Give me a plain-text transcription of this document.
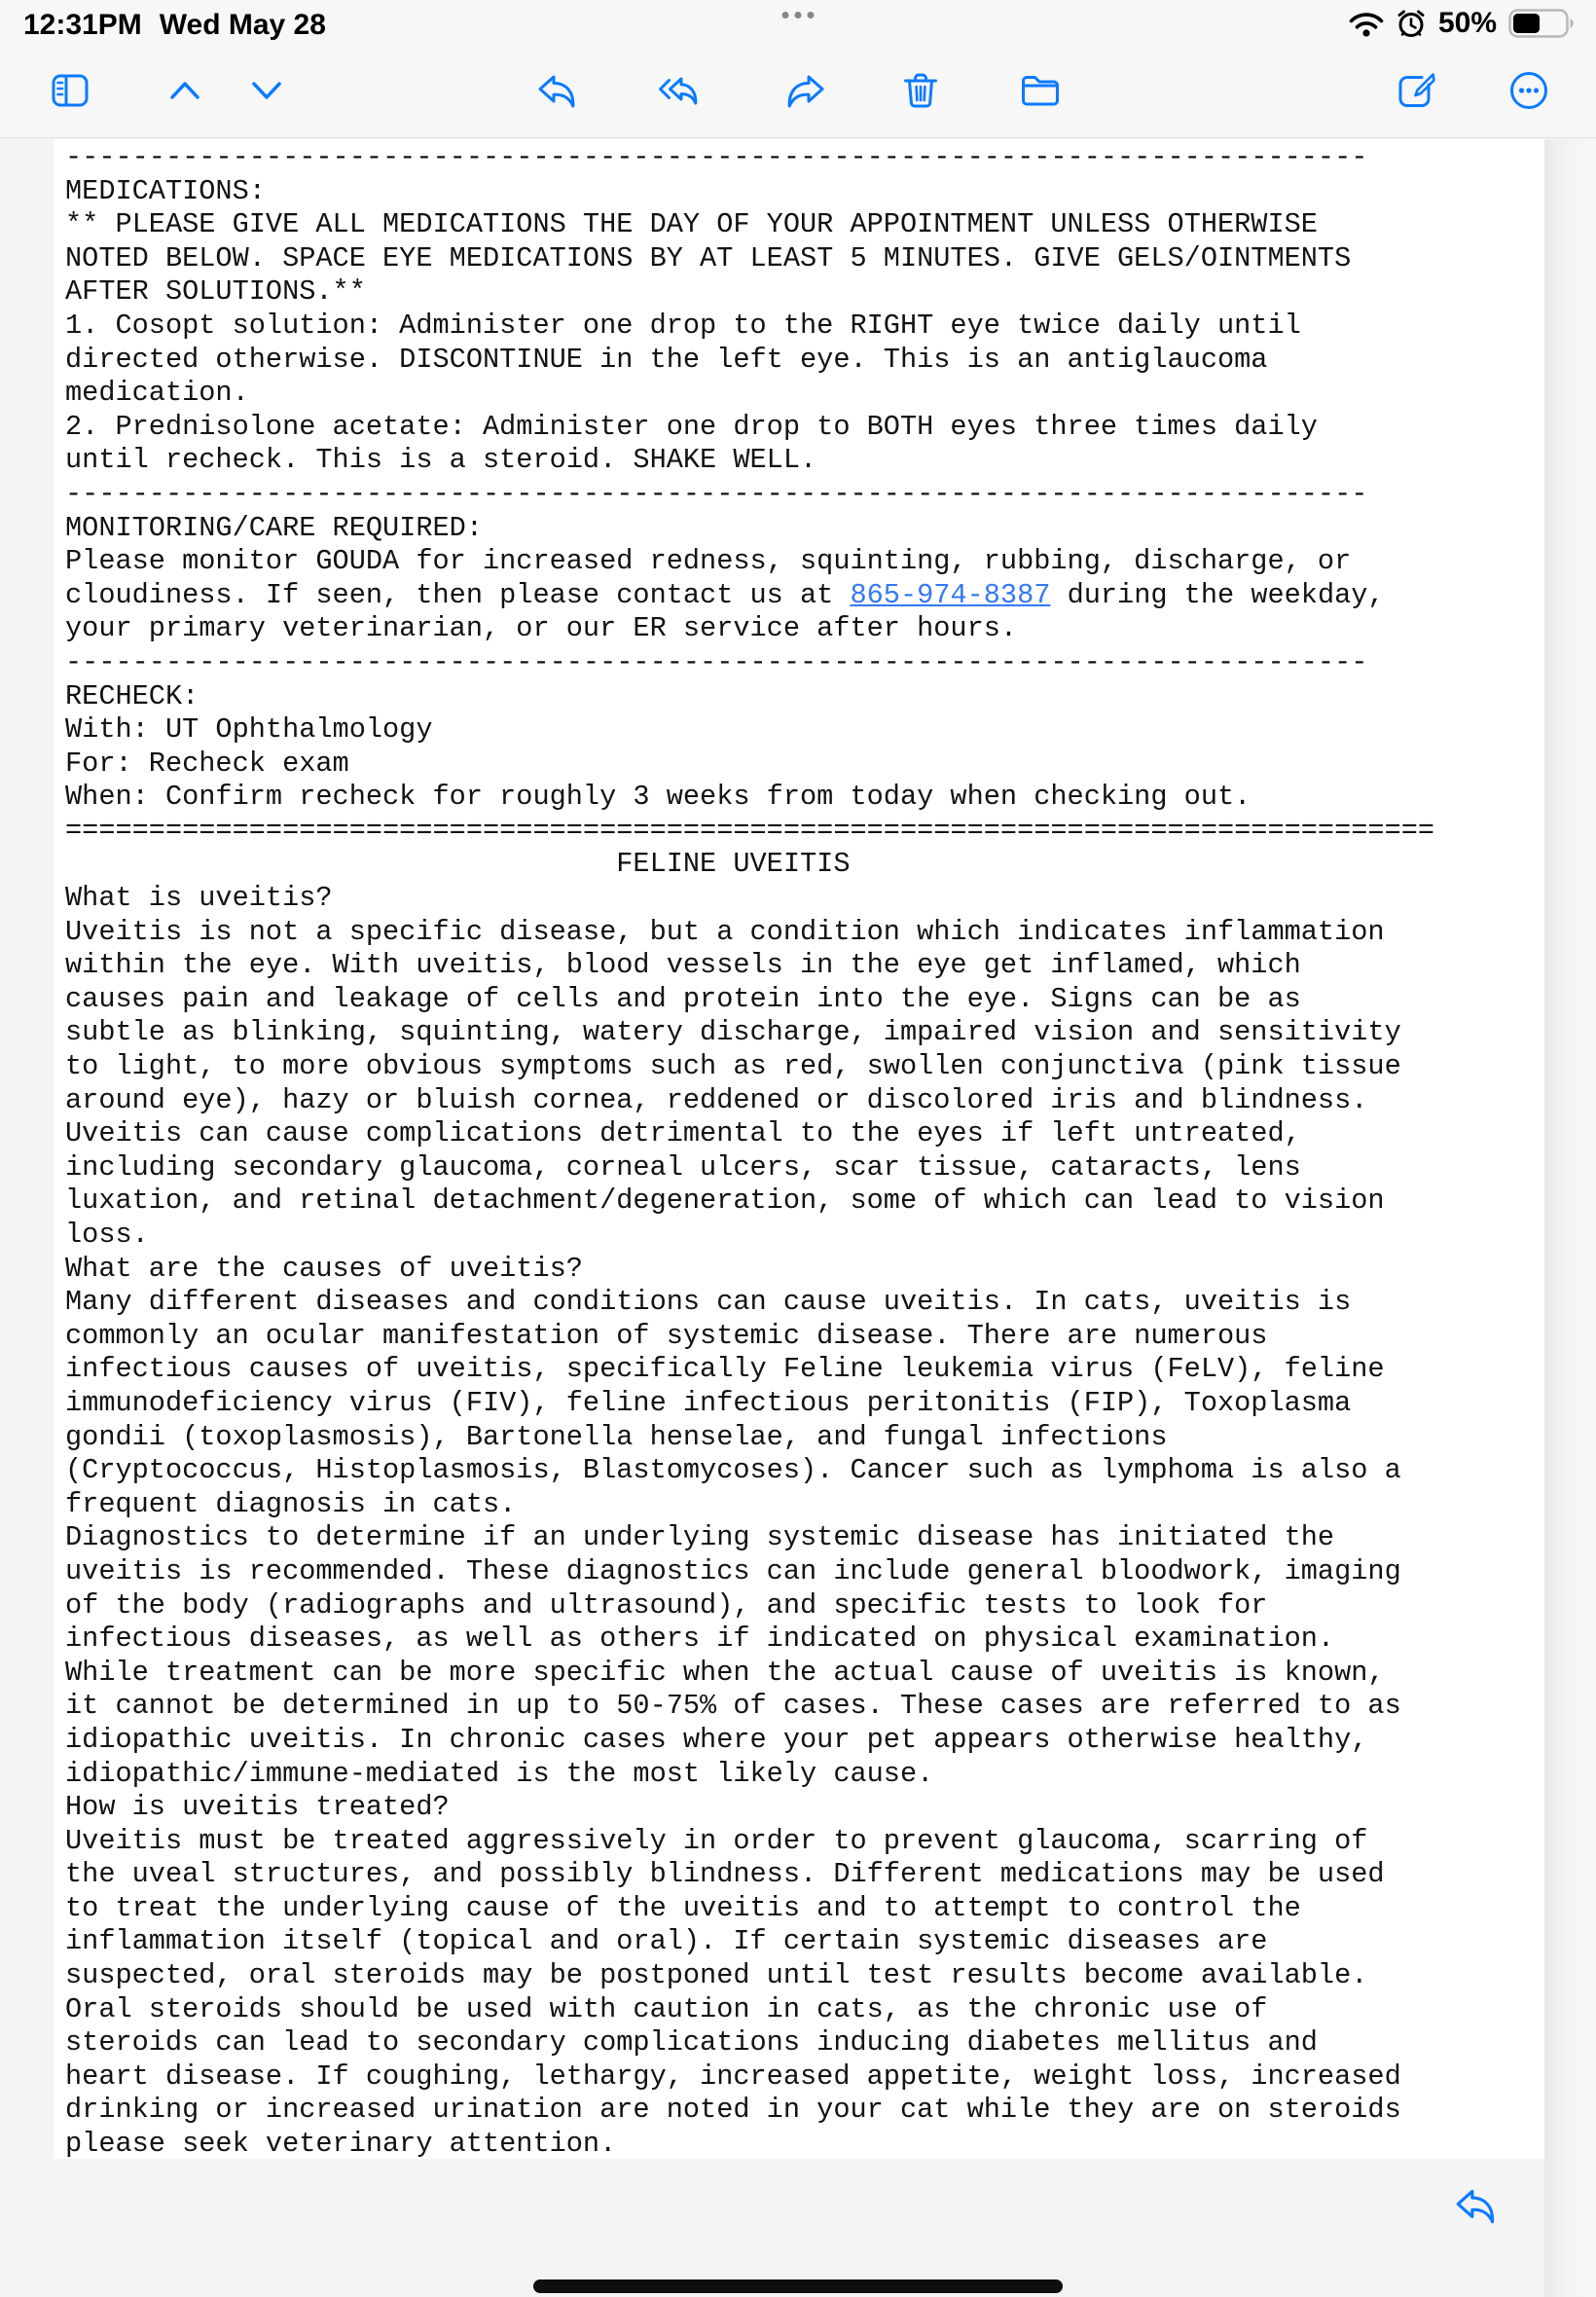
12:31PM Wed May 28	50%
------------------------------------------------------------------------------
MEDICATIONS:
** PLEASE GIVE ALL MEDICATIONS THE DAY OF YOUR APPOINTMENT UNLESS OTHERWISE
NOTED BELOW. SPACE EYE MEDICATIONS BY AT LEAST 5 MINUTES. GIVE GELS/OINTMENTS
AFTER SOLUTIONS.**
1. Cosopt solution: Administer one drop to the RIGHT eye twice daily until
directed otherwise. DISCONTINUE in the left eye. This is an antiglaucoma
medication.
2. Prednisolone acetate: Administer one drop to BOTH eyes three times daily
until recheck. This is a steroid. SHAKE WELL.
------------------------------------------------------------------------------
MONITORING/CARE REQUIRED:
Please monitor GOUDA for increased redness, squinting, rubbing, discharge, or
cloudiness. If seen, then please contact us at 865-974-8387 during the weekday,
your primary veterinarian, or our ER service after hours.
------------------------------------------------------------------------------
RECHECK:
With: UT Ophthalmology
For: Recheck exam
When: Confirm recheck for roughly 3 weeks from today when checking out.
==================================================================================
FELINE UVEITIS
What is uveitis?
Uveitis is not a specific disease, but a condition which indicates inflammation
within the eye. With uveitis, blood vessels in the eye get inflamed, which
causes pain and leakage of cells and protein into the eye. Signs can be as
subtle as blinking, squinting, watery discharge, impaired vision and sensitivity
to light, to more obvious symptoms such as red, swollen conjunctiva (pink tissue
around eye), hazy or bluish cornea, reddened or discolored iris and blindness.
Uveitis can cause complications detrimental to the eyes if left untreated,
including secondary glaucoma, corneal ulcers, scar tissue, cataracts, lens
luxation, and retinal detachment/degeneration, some of which can lead to vision
loss.
What are the causes of uveitis?
Many different diseases and conditions can cause uveitis. In cats, uveitis is
commonly an ocular manifestation of systemic disease. There are numerous
infectious causes of uveitis, specifically Feline leukemia virus (FeLV), feline
immunodeficiency virus (FIV), feline infectious peritonitis (FIP), Toxoplasma
gondii (toxoplasmosis), Bartonella henselae, and fungal infections
(Cryptococcus, Histoplasmosis, Blastomycoses). Cancer such as lymphoma is also a
frequent diagnosis in cats.
Diagnostics to determine if an underlying systemic disease has initiated the
uveitis is recommended. These diagnostics can include general bloodwork, imaging
of the body (radiographs and ultrasound), and specific tests to look for
infectious diseases, as well as others if indicated on physical examination.
While treatment can be more specific when the actual cause of uveitis is known,
it cannot be determined in up to 50-75% of cases. These cases are referred to as
idiopathic uveitis. In chronic cases where your pet appears otherwise healthy,
idiopathic/immune-mediated is the most likely cause.
How is uveitis treated?
Uveitis must be treated aggressively in order to prevent glaucoma, scarring of
the uveal structures, and possibly blindness. Different medications may be used
to treat the underlying cause of the uveitis and to attempt to control the
inflammation itself (topical and oral). If certain systemic diseases are
suspected, oral steroids may be postponed until test results become available.
Oral steroids should be used with caution in cats, as the chronic use of
steroids can lead to secondary complications inducing diabetes mellitus and
heart disease. If coughing, lethargy, increased appetite, weight loss, increased
drinking or increased urination are noted in your cat while they are on steroids
please seek veterinary attention.
